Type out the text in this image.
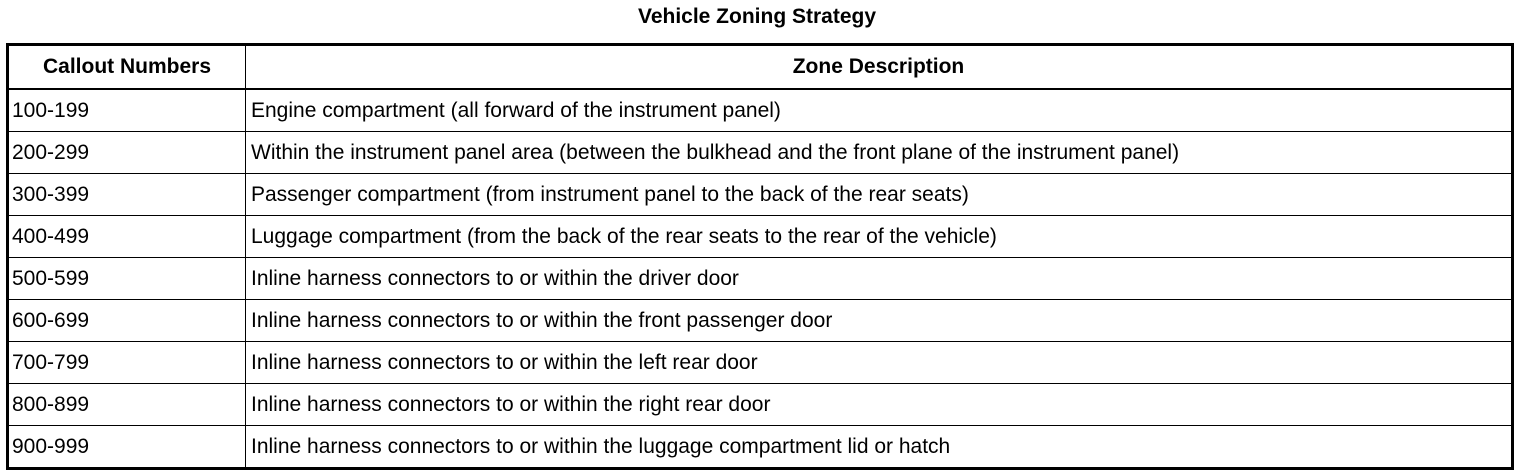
Vehicle Zoning Strategy
Callout Numbers	Zone Description
100-199	Engine compartment (all forward of the instrument panel)
200-299	Within the instrument panel area (between the bulkhead and the front plane of the instrument panel)
300-399	Passenger compartment (from instrument panel to the back of the rear seats)
400-499	Luggage compartment (from the back of the rear seats to the rear of the vehicle)
500-599	Inline harness connectors to or within the driver door
600-699	Inline harness connectors to or within the front passenger door
700-799	Inline harness connectors to or within the left rear door
800-899	Inline harness connectors to or within the right rear door
900-999	Inline harness connectors to or within the luggage compartment lid or hatch
